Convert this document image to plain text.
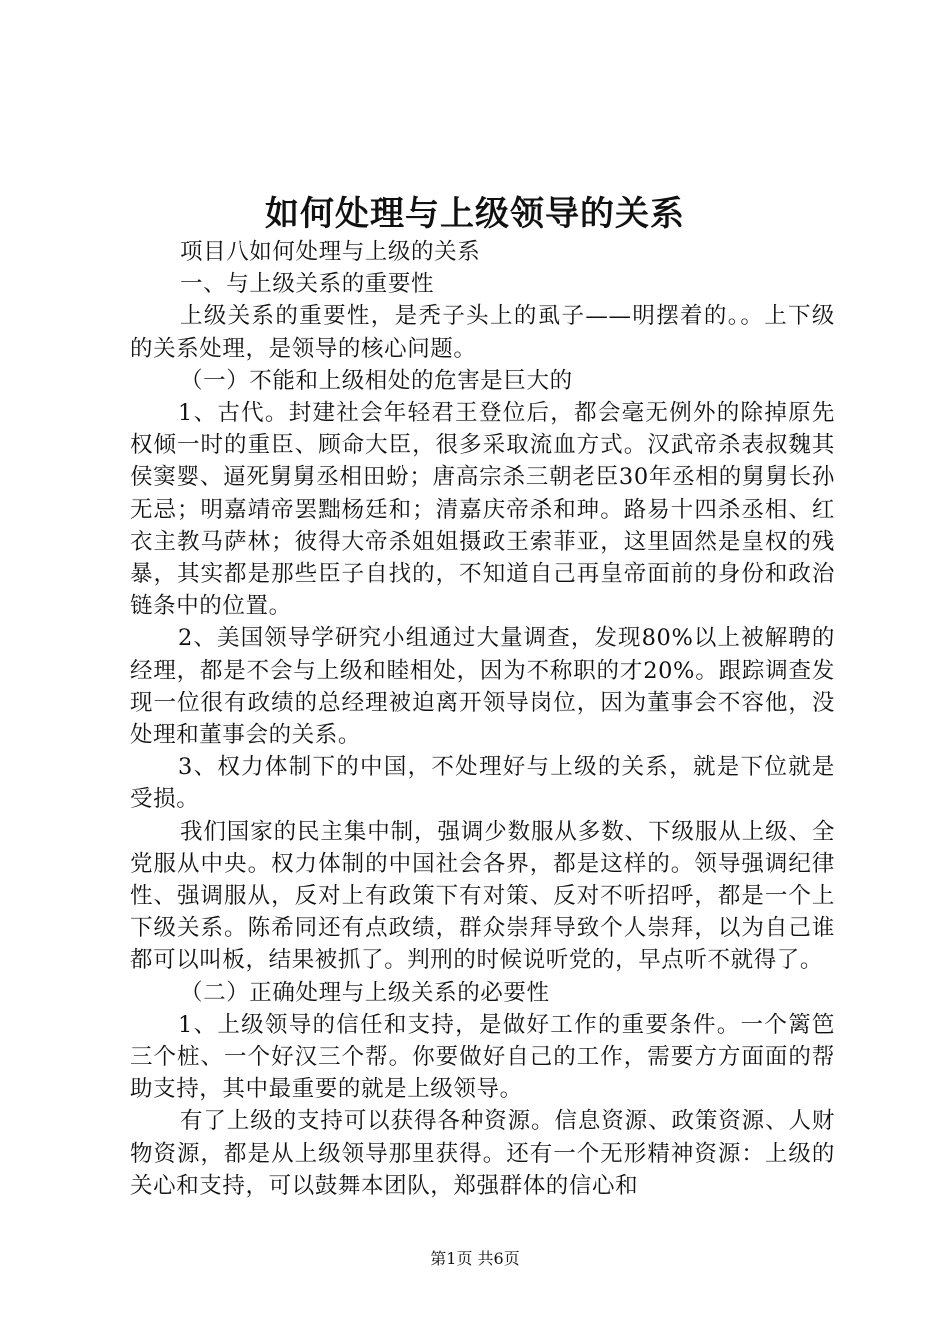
如何处理与上级领导的关系

项目八如何处理与上级的关系

一、与上级关系的重要性

上级关系的重要性，是秃子头上的虱子——明摆着的。。上下级的关系处理，是领导的核心问题。

（一）不能和上级相处的危害是巨大的

1、古代。封建社会年轻君王登位后，都会毫无例外的除掉原先权倾一时的重臣、顾命大臣，很多采取流血方式。汉武帝杀表叔魏其侯窦婴、逼死舅舅丞相田蚡；唐高宗杀三朝老臣30年丞相的舅舅长孙无忌；明嘉靖帝罢黜杨廷和；清嘉庆帝杀和珅。路易十四杀丞相、红衣主教马萨林；彼得大帝杀姐姐摄政王索菲亚，这里固然是皇权的残暴，其实都是那些臣子自找的，不知道自己再皇帝面前的身份和政治链条中的位置。

2、美国领导学研究小组通过大量调查，发现80%以上被解聘的经理，都是不会与上级和睦相处，因为不称职的才20%。跟踪调查发现一位很有政绩的总经理被迫离开领导岗位，因为董事会不容他，没处理和董事会的关系。

3、权力体制下的中国，不处理好与上级的关系，就是下位就是受损。

我们国家的民主集中制，强调少数服从多数、下级服从上级、全党服从中央。权力体制的中国社会各界，都是这样的。领导强调纪律性、强调服从，反对上有政策下有对策、反对不听招呼，都是一个上下级关系。陈希同还有点政绩，群众崇拜导致个人崇拜，以为自己谁都可以叫板，结果被抓了。判刑的时候说听党的，早点听不就得了。

（二）正确处理与上级关系的必要性

1、上级领导的信任和支持，是做好工作的重要条件。一个篱笆三个桩、一个好汉三个帮。你要做好自己的工作，需要方方面面的帮助支持，其中最重要的就是上级领导。

有了上级的支持可以获得各种资源。信息资源、政策资源、人财物资源，都是从上级领导那里获得。还有一个无形精神资源：上级的关心和支持，可以鼓舞本团队，郑强群体的信心和

第1页 共6页
